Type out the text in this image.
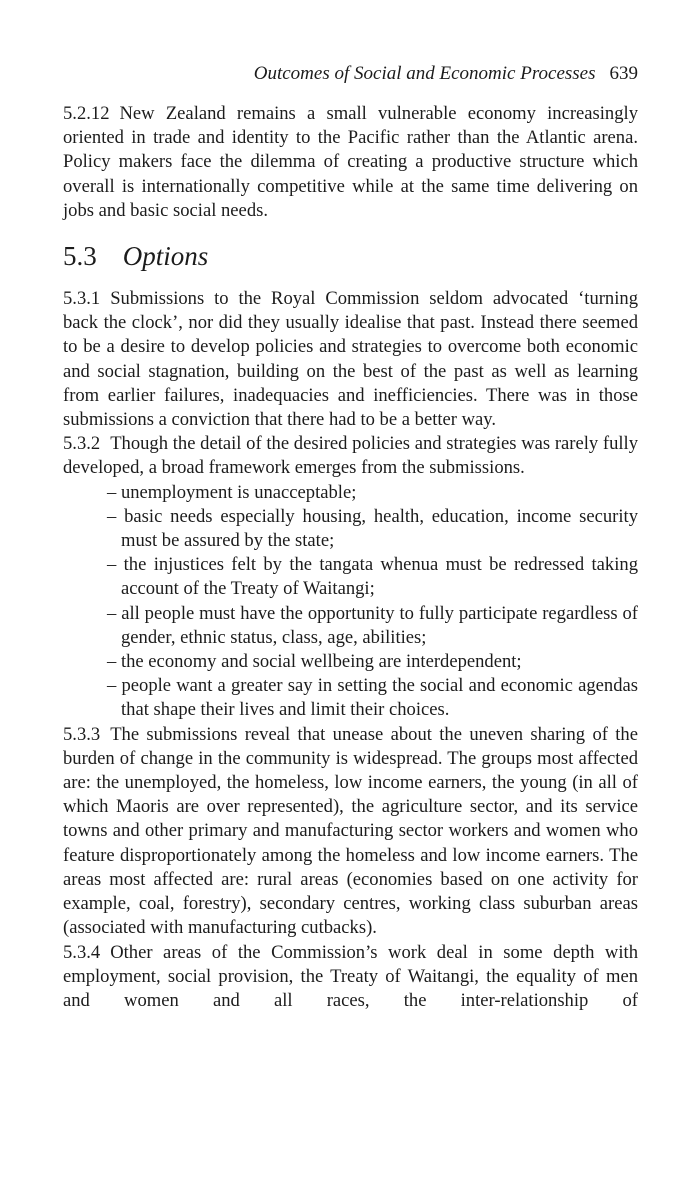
Outcomes of Social and Economic Processes 639

5.2.12 New Zealand remains a small vulnerable economy increasingly oriented in trade and identity to the Pacific rather than the Atlantic arena. Policy makers face the dilemma of creating a productive structure which overall is internationally competitive while at the same time delivering on jobs and basic social needs.

5.3 Options

5.3.1 Submissions to the Royal Commission seldom advocated ‘turning back the clock’, nor did they usually idealise that past. Instead there seemed to be a desire to develop policies and strategies to overcome both economic and social stagnation, building on the best of the past as well as learning from earlier failures, inadequacies and inefficiencies. There was in those submissions a conviction that there had to be a better way.

5.3.2 Though the detail of the desired policies and strategies was rarely fully developed, a broad framework emerges from the submissions.

– unemployment is unacceptable;
– basic needs especially housing, health, education, income security must be assured by the state;
– the injustices felt by the tangata whenua must be redressed taking account of the Treaty of Waitangi;
– all people must have the opportunity to fully participate regardless of gender, ethnic status, class, age, abilities;
– the economy and social wellbeing are interdependent;
– people want a greater say in setting the social and economic agendas that shape their lives and limit their choices.

5.3.3 The submissions reveal that unease about the uneven sharing of the burden of change in the community is widespread. The groups most affected are: the unemployed, the homeless, low income earners, the young (in all of which Maoris are over represented), the agriculture sector, and its service towns and other primary and manufacturing sector workers and women who feature disproportionately among the homeless and low income earners. The areas most affected are: rural areas (economies based on one activity for example, coal, forestry), secondary centres, working class suburban areas (associated with manufacturing cutbacks).

5.3.4 Other areas of the Commission’s work deal in some depth with employment, social provision, the Treaty of Waitangi, the equality of men and women and all races, the inter-relationship of
